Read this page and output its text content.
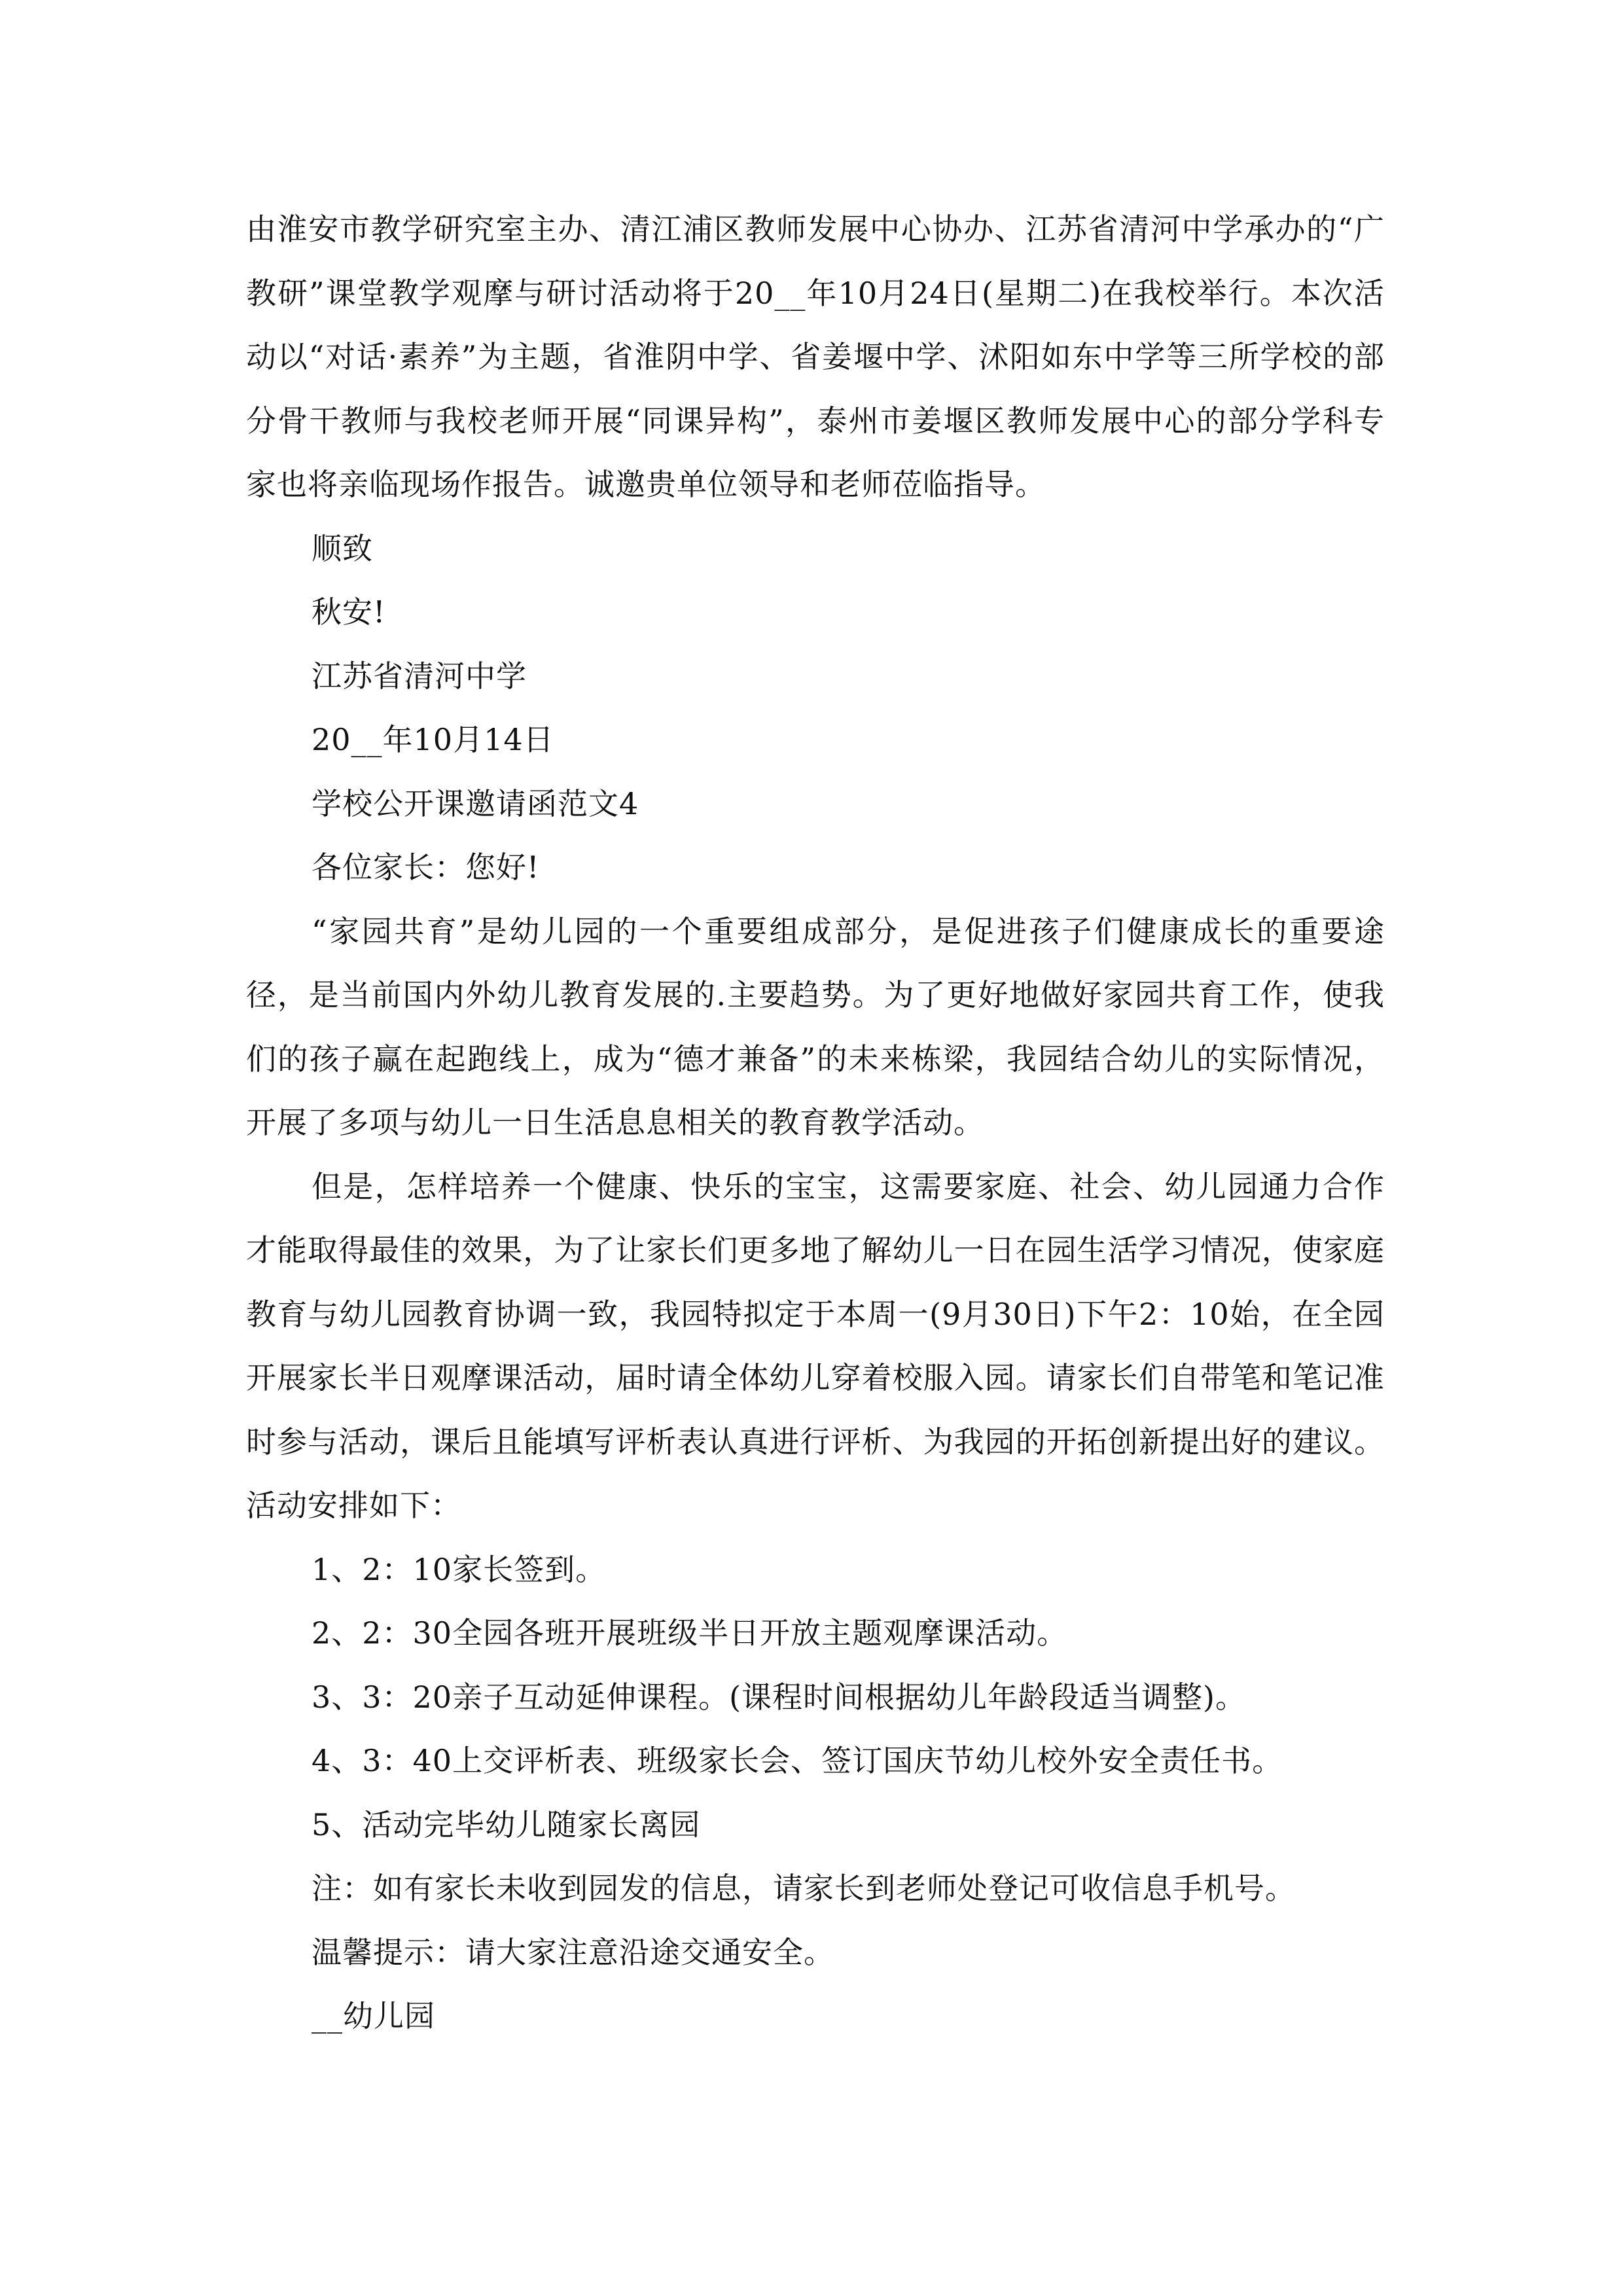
由淮安市教学研究室主办、清江浦区教师发展中心协办、江苏省清河中学承办的“广教研”课堂教学观摩与研讨活动将于20__年10月24日(星期二)在我校举行。本次活动以“对话·素养”为主题，省淮阴中学、省姜堰中学、沭阳如东中学等三所学校的部分骨干教师与我校老师开展“同课异构”，泰州市姜堰区教师发展中心的部分学科专家也将亲临现场作报告。诚邀贵单位领导和老师莅临指导。

顺致

秋安!

江苏省清河中学

20__年10月14日

学校公开课邀请函范文4

各位家长：您好!

“家园共育”是幼儿园的一个重要组成部分，是促进孩子们健康成长的重要途径，是当前国内外幼儿教育发展的.主要趋势。为了更好地做好家园共育工作，使我们的孩子赢在起跑线上，成为“德才兼备”的未来栋梁，我园结合幼儿的实际情况，开展了多项与幼儿一日生活息息相关的教育教学活动。

但是，怎样培养一个健康、快乐的宝宝，这需要家庭、社会、幼儿园通力合作才能取得最佳的效果，为了让家长们更多地了解幼儿一日在园生活学习情况，使家庭教育与幼儿园教育协调一致，我园特拟定于本周一(9月30日)下午2：10始，在全园开展家长半日观摩课活动，届时请全体幼儿穿着校服入园。请家长们自带笔和笔记准时参与活动，课后且能填写评析表认真进行评析、为我园的开拓创新提出好的建议。活动安排如下：

1、2：10家长签到。

2、2：30全园各班开展班级半日开放主题观摩课活动。

3、3：20亲子互动延伸课程。(课程时间根据幼儿年龄段适当调整)。

4、3：40上交评析表、班级家长会、签订国庆节幼儿校外安全责任书。

5、活动完毕幼儿随家长离园

注：如有家长未收到园发的信息，请家长到老师处登记可收信息手机号。

温馨提示：请大家注意沿途交通安全。

__幼儿园
